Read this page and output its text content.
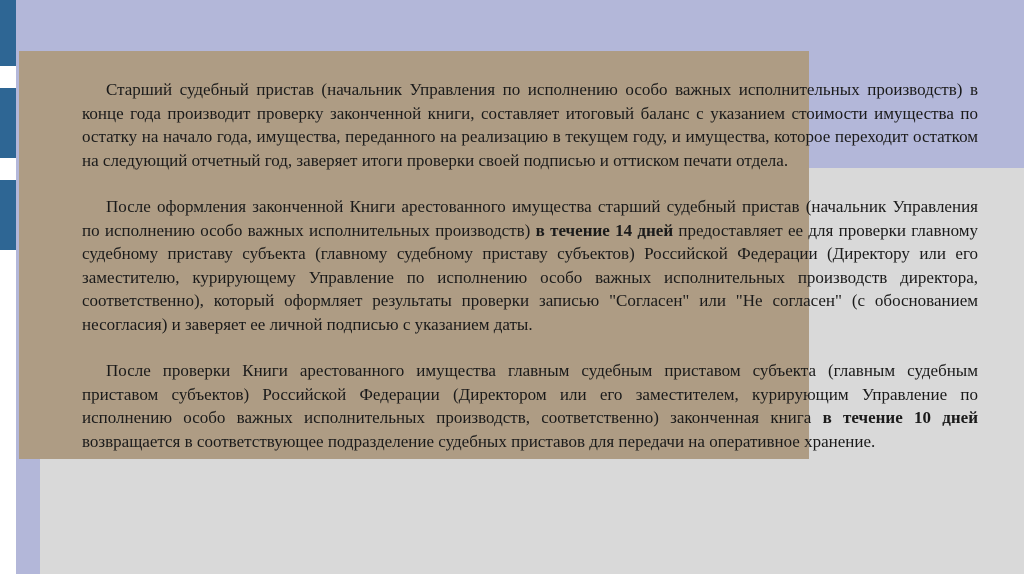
Старший судебный пристав (начальник Управления по исполнению особо важных исполнительных производств) в конце года производит проверку законченной книги, составляет итоговый баланс с указанием стоимости имущества по остатку на начало года, имущества, переданного на реализацию в текущем году, и имущества, которое переходит остатком на следующий отчетный год, заверяет итоги проверки своей подписью и оттиском печати отдела.

После оформления законченной Книги арестованного имущества старший судебный пристав (начальник Управления по исполнению особо важных исполнительных производств) в течение 14 дней предоставляет ее для проверки главному судебному приставу субъекта (главному судебному приставу субъектов) Российской Федерации (Директору или его заместителю, курирующему Управление по исполнению особо важных исполнительных производств директора, соответственно), который оформляет результаты проверки записью "Согласен" или "Не согласен" (с обоснованием несогласия) и заверяет ее личной подписью с указанием даты.

После проверки Книги арестованного имущества главным судебным приставом субъекта (главным судебным приставом субъектов) Российской Федерации (Директором или его заместителем, курирующим Управление по исполнению особо важных исполнительных производств, соответственно) законченная книга в течение 10 дней возвращается в соответствующее подразделение судебных приставов для передачи на оперативное хранение.
